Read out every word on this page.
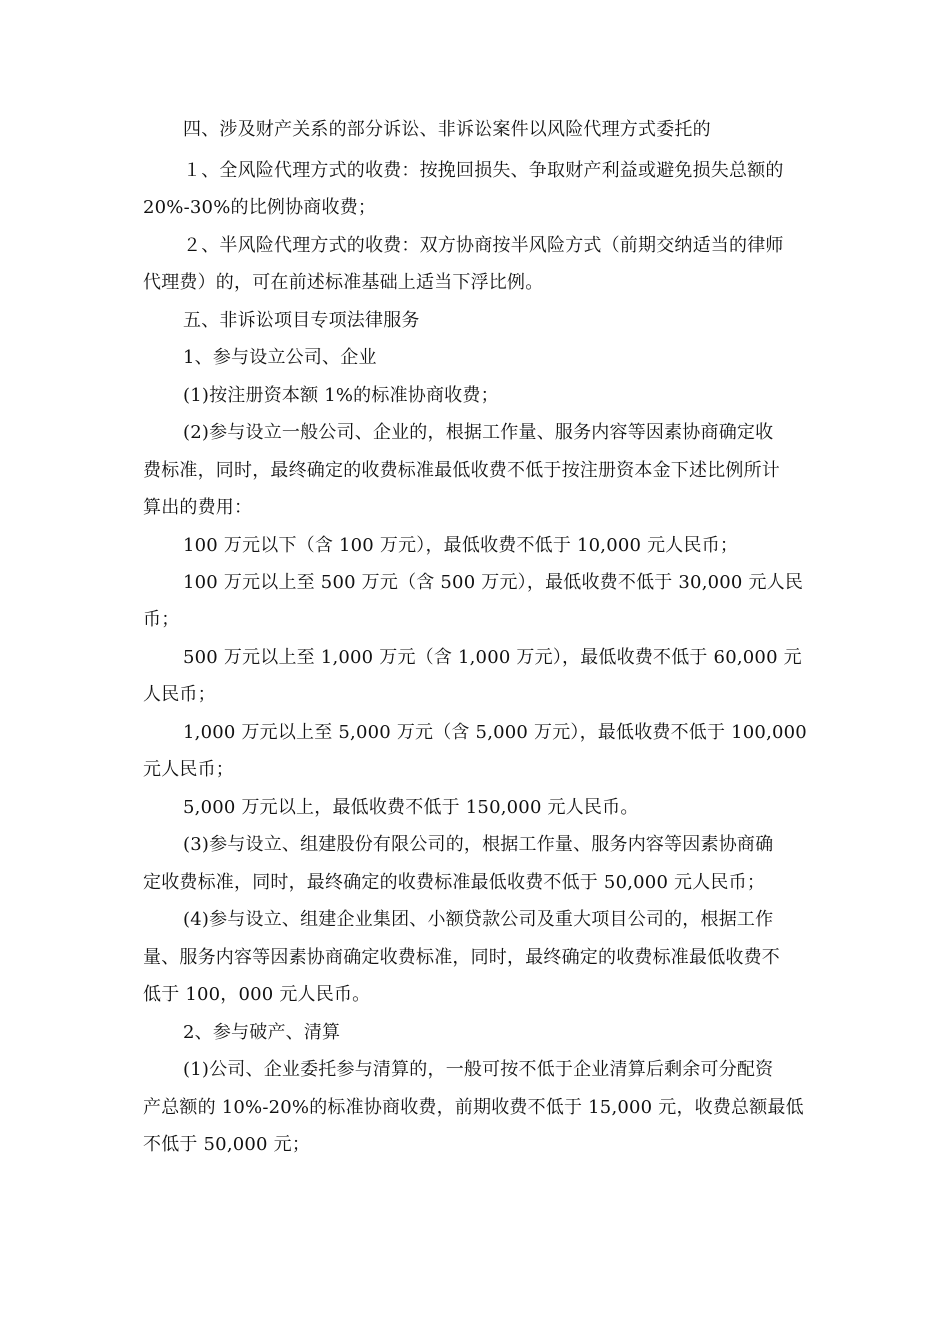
四、涉及财产关系的部分诉讼、非诉讼案件以风险代理方式委托的
１、全风险代理方式的收费：按挽回损失、争取财产利益或避免损失总额的
20%-30%的比例协商收费；
２、半风险代理方式的收费：双方协商按半风险方式（前期交纳适当的律师
代理费）的，可在前述标准基础上适当下浮比例。
五、非诉讼项目专项法律服务
1、参与设立公司、企业
(1)按注册资本额 1%的标准协商收费；
(2)参与设立一般公司、企业的，根据工作量、服务内容等因素协商确定收
费标准，同时，最终确定的收费标准最低收费不低于按注册资本金下述比例所计
算出的费用：
100 万元以下（含 100 万元），最低收费不低于 10,000 元人民币；
100 万元以上至 500 万元（含 500 万元），最低收费不低于 30,000 元人民
币；
500 万元以上至 1,000 万元（含 1,000 万元），最低收费不低于 60,000 元
人民币；
1,000 万元以上至 5,000 万元（含 5,000 万元），最低收费不低于 100,000
元人民币；
5,000 万元以上，最低收费不低于 150,000 元人民币。
(3)参与设立、组建股份有限公司的，根据工作量、服务内容等因素协商确
定收费标准，同时，最终确定的收费标准最低收费不低于 50,000 元人民币；
(4)参与设立、组建企业集团、小额贷款公司及重大项目公司的，根据工作
量、服务内容等因素协商确定收费标准，同时，最终确定的收费标准最低收费不
低于 100，000 元人民币。
2、参与破产、清算
(1)公司、企业委托参与清算的，一般可按不低于企业清算后剩余可分配资
产总额的 10%-20%的标准协商收费，前期收费不低于 15,000 元，收费总额最低
不低于 50,000 元；
